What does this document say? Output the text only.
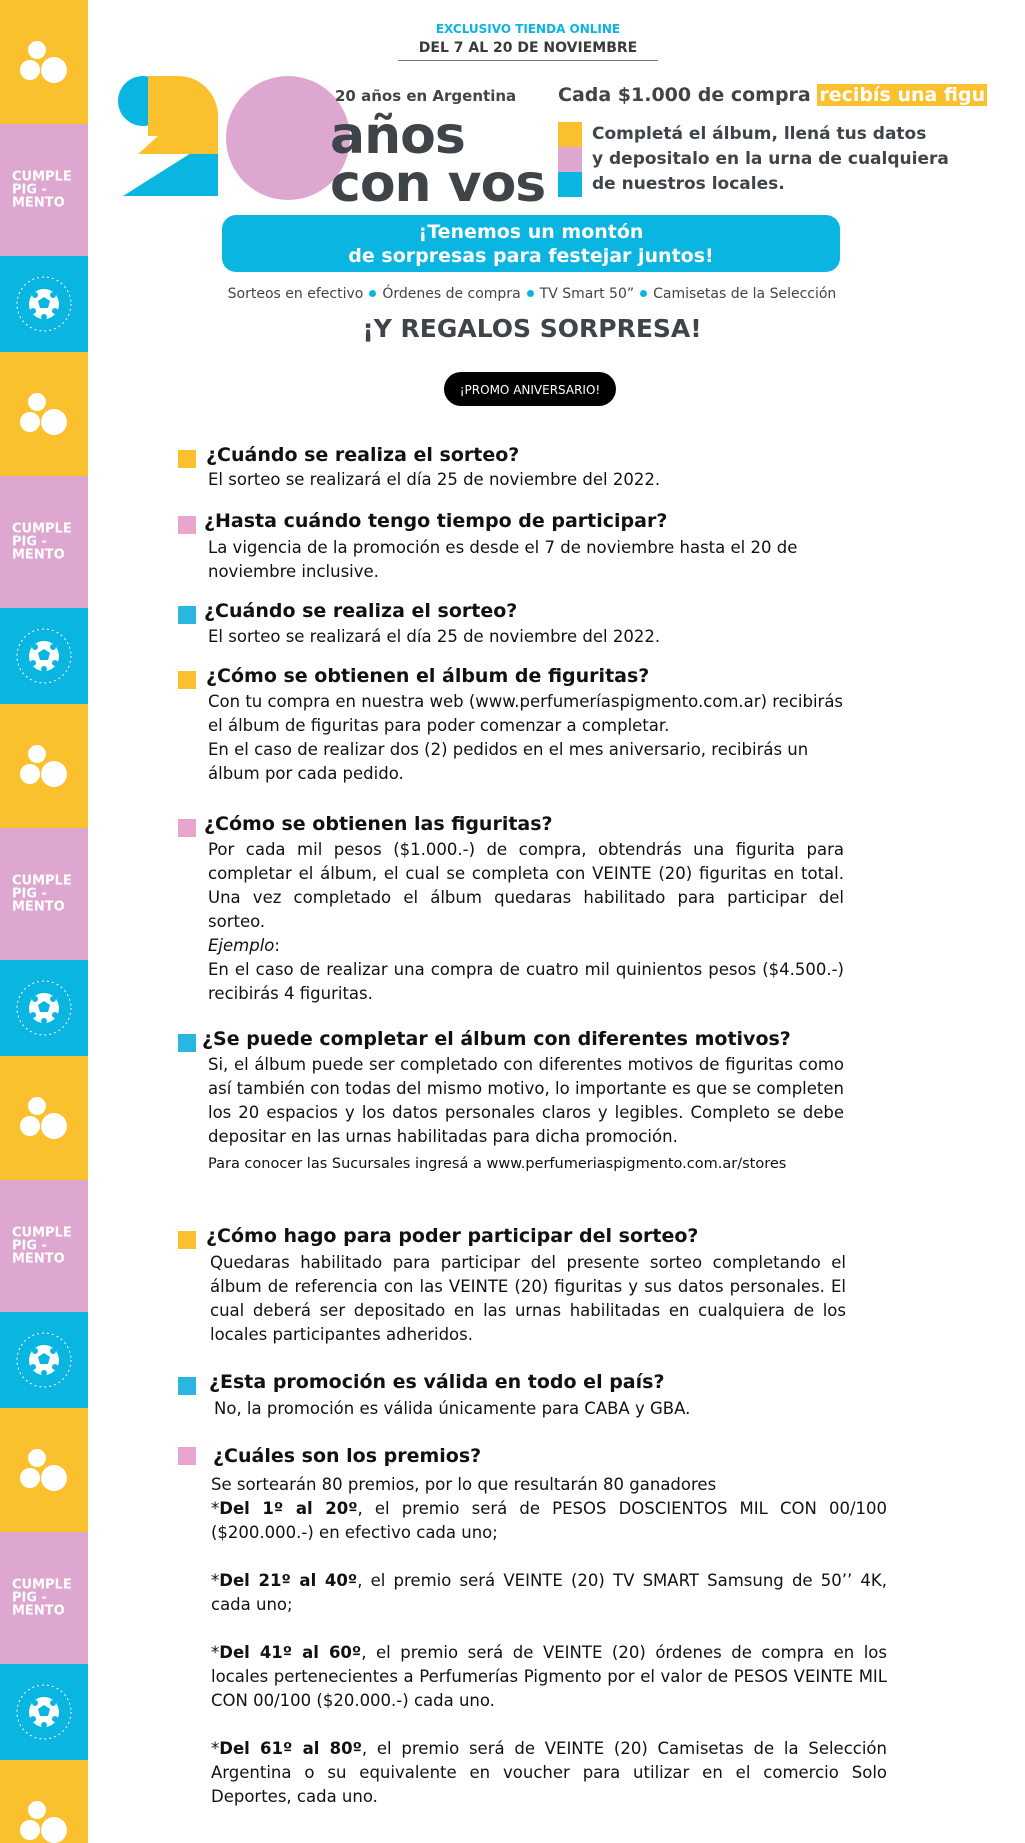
CUMPLE
PIG -
MENTO
CUMPLE
PIG -
MENTO
CUMPLE
PIG -
MENTO
CUMPLE
PIG -
MENTO
CUMPLE
PIG -
MENTO
EXCLUSIVO TIENDA ONLINE
DEL 7 AL 20 DE NOVIEMBRE
20 años en Argentina
años
con vos
Cada $1.000 de compra recibís una figu
Completá el álbum, llená tus datos
y depositalo en la urna de cualquiera
de nuestros locales.
¡Tenemos un montón
de sorpresas para festejar juntos!
Sorteos en efectivo Órdenes de compra TV Smart 50” Camisetas de la Selección
¡Y REGALOS SORPRESA!
¡PROMO ANIVERSARIO!
¿Cuándo se realiza el sorteo?
El sorteo se realizará el día 25 de noviembre del 2022.
¿Hasta cuándo tengo tiempo de participar?
La vigencia de la promoción es desde el 7 de noviembre hasta el 20 de noviembre inclusive.
¿Cuándo se realiza el sorteo?
El sorteo se realizará el día 25 de noviembre del 2022.
¿Cómo se obtienen el álbum de figuritas?
Con tu compra en nuestra web (www.perfumeríaspigmento.com.ar) recibirás el álbum de figuritas para poder comenzar a completar.
En el caso de realizar dos (2) pedidos en el mes aniversario, recibirás un álbum por cada pedido.
¿Cómo se obtienen las figuritas?
Por cada mil pesos ($1.000.-) de compra, obtendrás una figurita para completar el álbum, el cual se completa con VEINTE (20) figuritas en total. Una vez completado el álbum quedaras habilitado para participar del sorteo.
Ejemplo:
En el caso de realizar una compra de cuatro mil quinientos pesos ($4.500.-) recibirás 4 figuritas.
¿Se puede completar el álbum con diferentes motivos?
Si, el álbum puede ser completado con diferentes motivos de figuritas como así también con todas del mismo motivo, lo importante es que se completen los 20 espacios y los datos personales claros y legibles. Completo se debe depositar en las urnas habilitadas para dicha promoción.
Para conocer las Sucursales ingresá a www.perfumeriaspigmento.com.ar/stores
¿Cómo hago para poder participar del sorteo?
Quedaras habilitado para participar del presente sorteo completando el álbum de referencia con las VEINTE (20) figuritas y sus datos personales. El cual deberá ser depositado en las urnas habilitadas en cualquiera de los locales participantes adheridos.
¿Esta promoción es válida en todo el país?
No, la promoción es válida únicamente para CABA y GBA.
¿Cuáles son los premios?
Se sortearán 80 premios, por lo que resultarán 80 ganadores
*Del 1º al 20º, el premio será de PESOS DOSCIENTOS MIL CON 00/100 ($200.000.-) en efectivo cada uno;
*Del 21º al 40º, el premio será VEINTE (20) TV SMART Samsung de 50’’ 4K, cada uno;
*Del 41º al 60º, el premio será de VEINTE (20) órdenes de compra en los locales pertenecientes a Perfumerías Pigmento por el valor de PESOS VEINTE MIL CON 00/100 ($20.000.-) cada uno.
*Del 61º al 80º, el premio será de VEINTE (20) Camisetas de la Selección Argentina o su equivalente en voucher para utilizar en el comercio Solo Deportes, cada uno.
